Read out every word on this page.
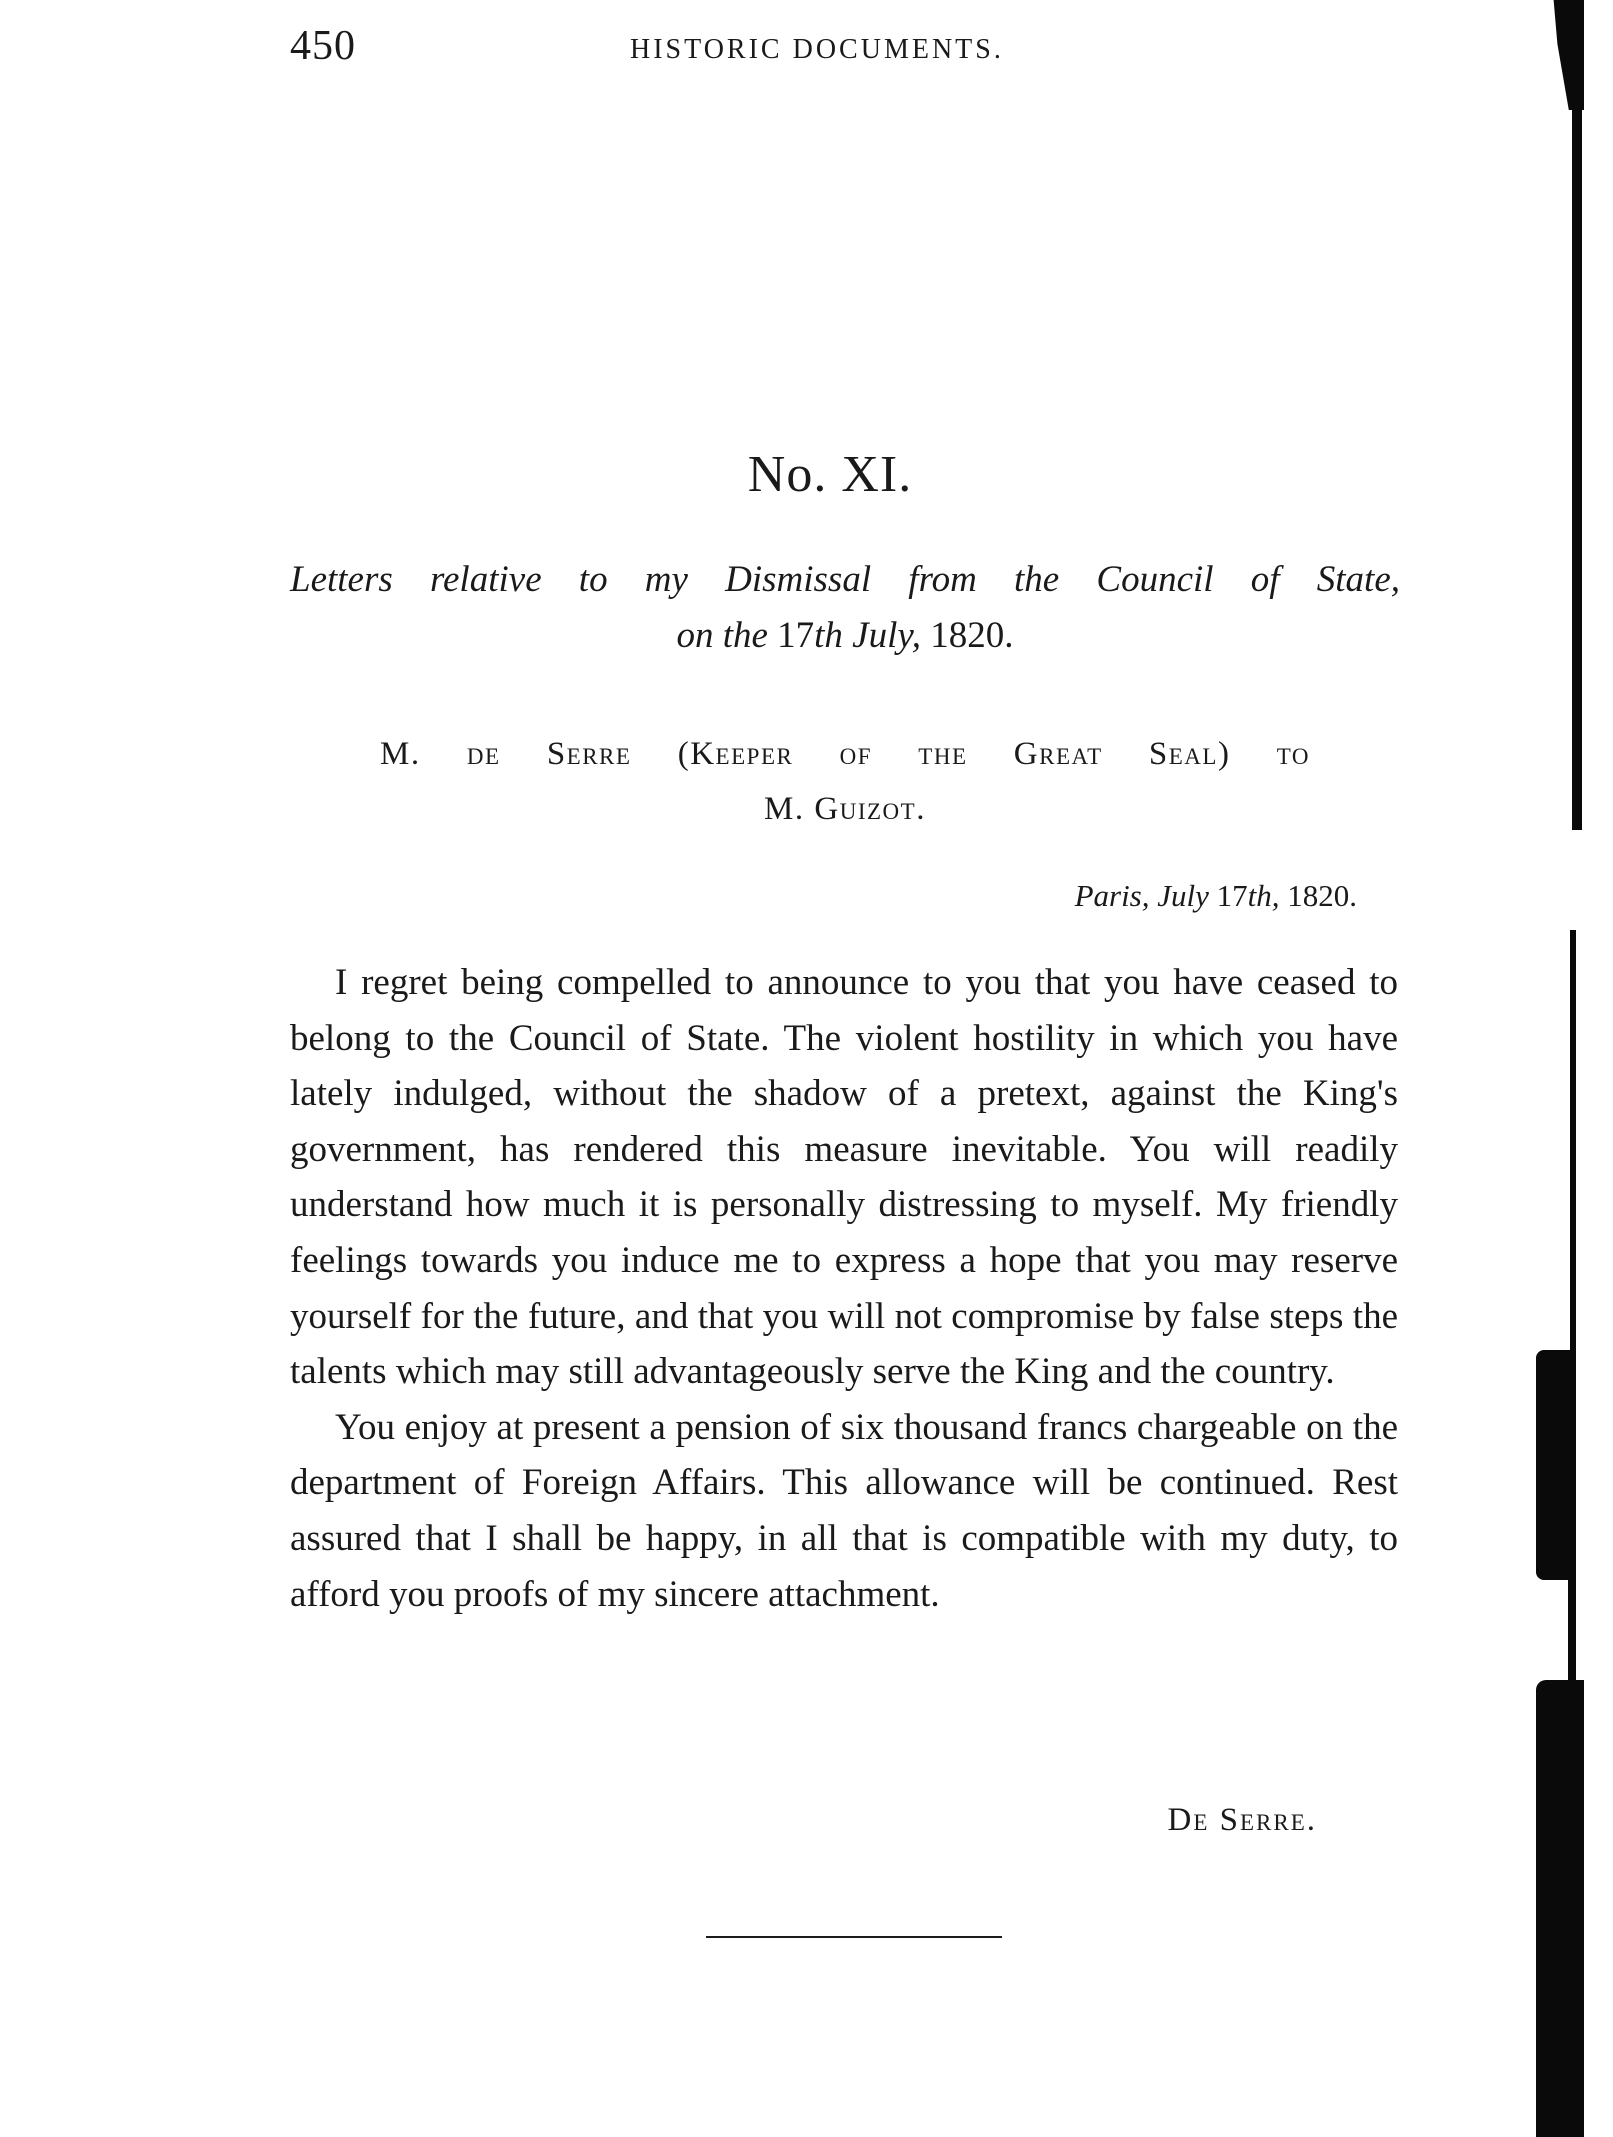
450	HISTORIC DOCUMENTS.
No. XI.
Letters relative to my Dismissal from the Council of State,
on the 17th July, 1820.
M. de Serre (Keeper of the Great Seal) to
M. Guizot.
Paris, July 17th, 1820.

I regret being compelled to announce to you that you have ceased to belong to the Council of State. The violent hostility in which you have lately indulged, without the shadow of a pretext, against the King's government, has rendered this measure inevitable. You will readily understand how much it is personally distressing to myself. My friendly feelings towards you induce me to express a hope that you may reserve yourself for the future, and that you will not compromise by false steps the talents which may still advantageously serve the King and the country.

You enjoy at present a pension of six thousand francs chargeable on the department of Foreign Affairs. This allowance will be continued. Rest assured that I shall be happy, in all that is compatible with my duty, to afford you proofs of my sincere attachment.

De Serre.
